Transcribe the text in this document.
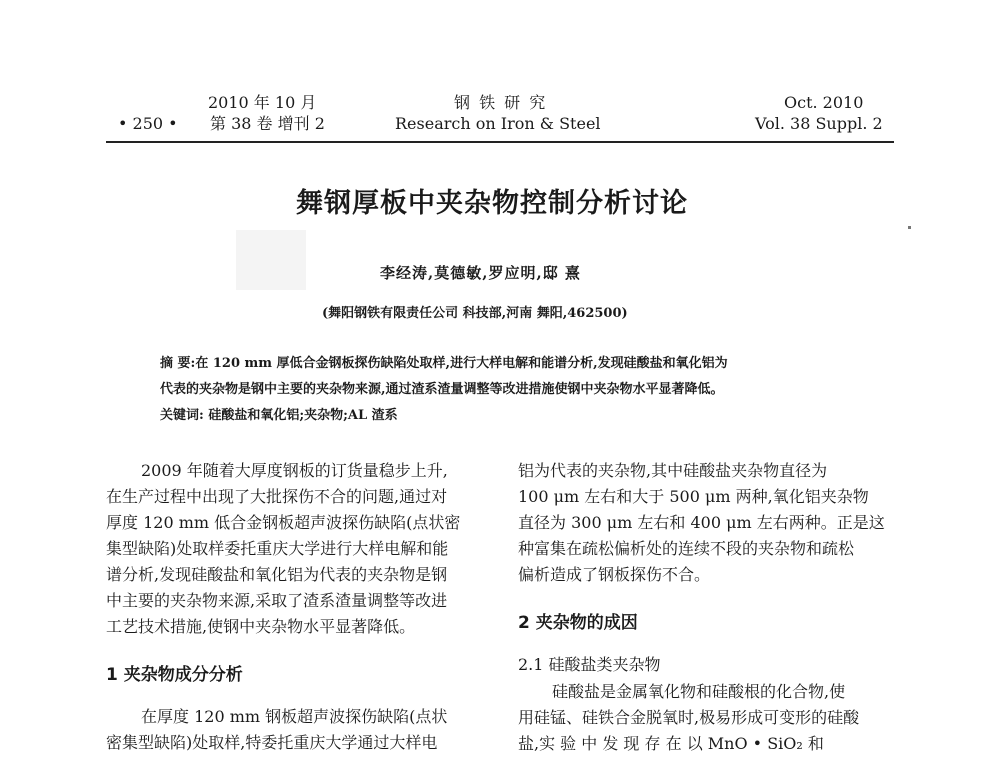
• 250 •
2010 年 10 月
第 38 卷 增刊 2
钢 铁 研 究
Research on Iron & Steel
Oct. 2010
Vol. 38 Suppl. 2
舞钢厚板中夹杂物控制分析讨论
李经涛,莫德敏,罗应明,邸 熹
(舞阳钢铁有限责任公司 科技部,河南 舞阳,462500)
摘 要:在 120 mm 厚低合金钢板探伤缺陷处取样,进行大样电解和能谱分析,发现硅酸盐和氧化铝为
代表的夹杂物是钢中主要的夹杂物来源,通过渣系渣量调整等改进措施使钢中夹杂物水平显著降低。
关键词: 硅酸盐和氧化铝;夹杂物;AL 渣系
2009 年随着大厚度钢板的订货量稳步上升,
在生产过程中出现了大批探伤不合的问题,通过对
厚度 120 mm 低合金钢板超声波探伤缺陷(点状密
集型缺陷)处取样委托重庆大学进行大样电解和能
谱分析,发现硅酸盐和氧化铝为代表的夹杂物是钢
中主要的夹杂物来源,采取了渣系渣量调整等改进
工艺技术措施,使钢中夹杂物水平显著降低。
1 夹杂物成分分析
在厚度 120 mm 钢板超声波探伤缺陷(点状
密集型缺陷)处取样,特委托重庆大学通过大样电
铝为代表的夹杂物,其中硅酸盐夹杂物直径为
100 μm 左右和大于 500 μm 两种,氧化铝夹杂物
直径为 300 μm 左右和 400 μm 左右两种。正是这
种富集在疏松偏析处的连续不段的夹杂物和疏松
偏析造成了钢板探伤不合。
2 夹杂物的成因
2.1 硅酸盐类夹杂物
硅酸盐是金属氧化物和硅酸根的化合物,使
用硅锰、硅铁合金脱氧时,极易形成可变形的硅酸
盐,实 验 中 发 现 存 在 以 MnO • SiO₂ 和
